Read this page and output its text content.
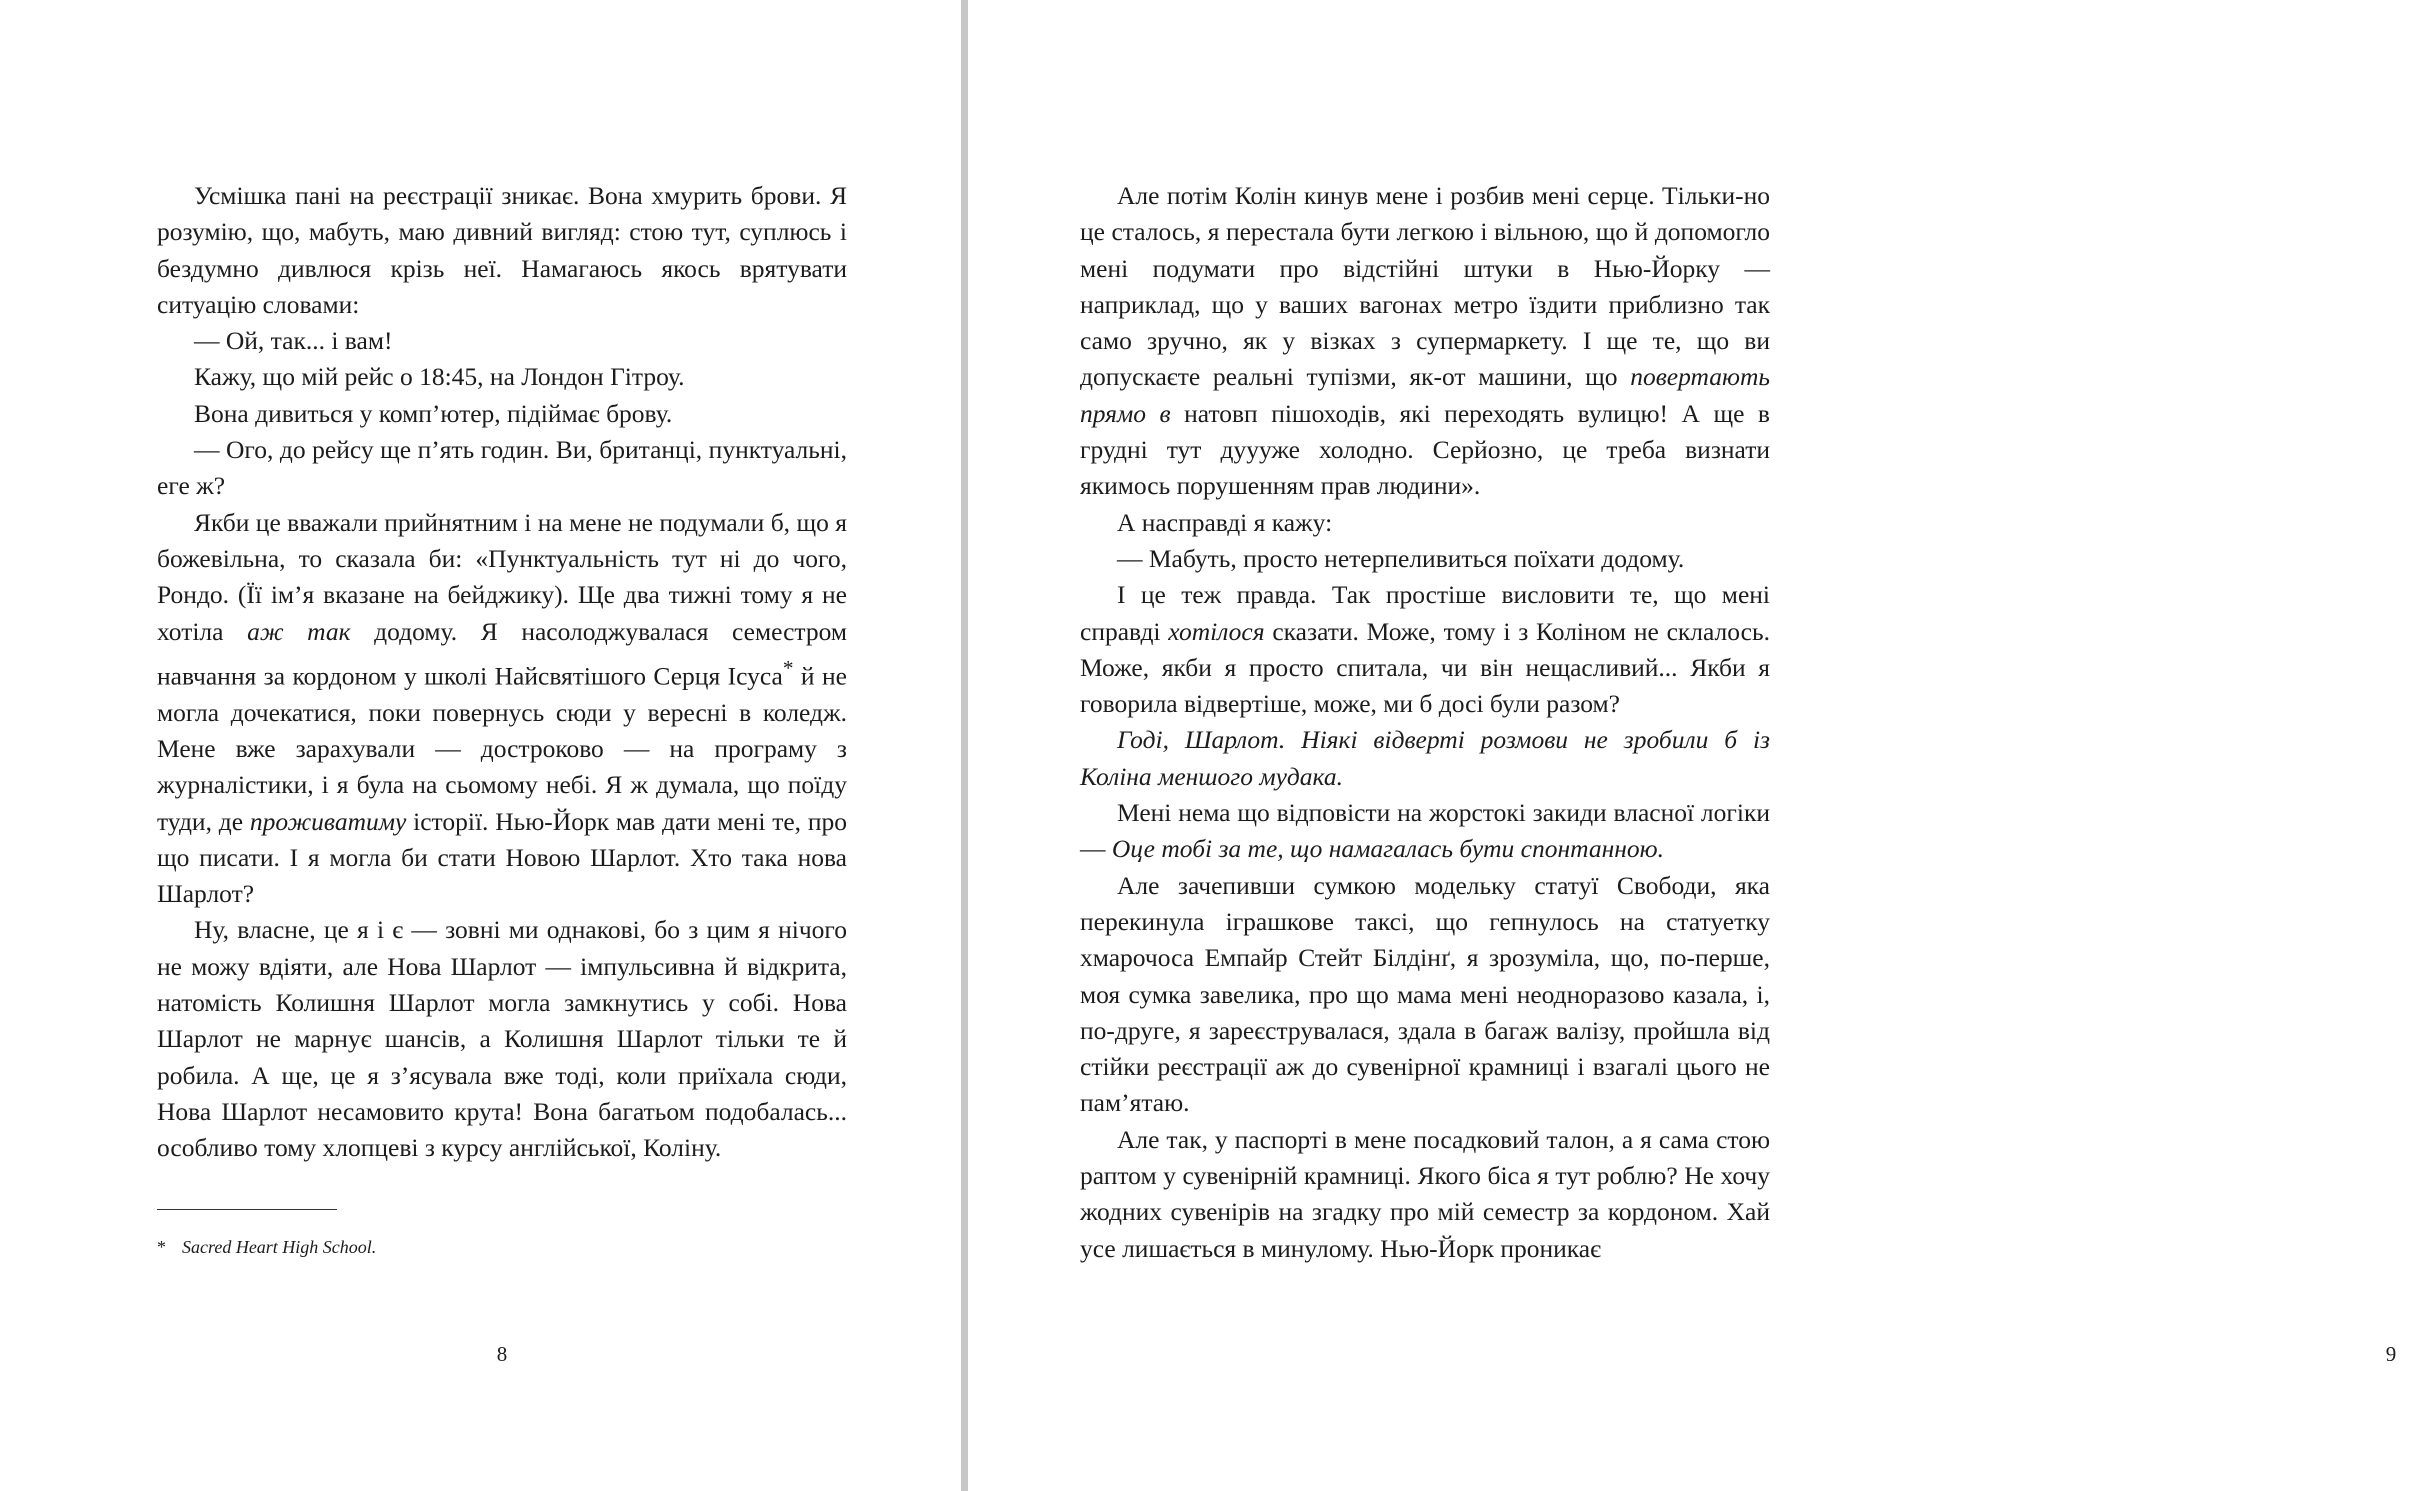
Усмішка пані на реєстрації зникає. Вона хмурить брови. Я розумію, що, мабуть, маю дивний вигляд: стою тут, суплюсь і бездумно дивлюся крізь неї. Намагаюсь якось врятувати ситуацію словами:

— Ой, так... і вам!

Кажу, що мій рейс о 18:45, на Лондон Гітроу.

Вона дивиться у комп’ютер, підіймає брову.

— Ого, до рейсу ще п’ять годин. Ви, британці, пунктуальні, еге ж?

Якби це вважали прийнятним і на мене не подумали б, що я божевільна, то сказала би: «Пунктуальність тут ні до чого, Рондо. (Її ім’я вказане на бейджику). Ще два тижні тому я не хотіла аж так додому. Я насолоджувалася семестром навчання за кордоном у школі Найсвятішого Серця Ісуса* й не могла дочекатися, поки повернусь сюди у вересні в коледж. Мене вже зарахували — достроково — на програму з журналістики, і я була на сьомому небі. Я ж думала, що поїду туди, де проживатиму історії. Нью-Йорк мав дати мені те, про що писати. І я могла би стати Новою Шарлот. Хто така нова Шарлот?

Ну, власне, це я і є — зовні ми однакові, бо з цим я нічого не можу вдіяти, але Нова Шарлот — імпульсивна й відкрита, натомість Колишня Шарлот могла замкнутись у собі. Нова Шарлот не марнує шансів, а Колишня Шарлот тільки те й робила. А ще, це я з’ясувала вже тоді, коли приїхала сюди, Нова Шарлот несамовито крута! Вона багатьом подобалась... особливо тому хлопцеві з курсу англійської, Коліну.

* Sacred Heart High School.
8	9

Але потім Колін кинув мене і розбив мені серце. Тільки-но це сталось, я перестала бути легкою і вільною, що й допомогло мені подумати про відстійні штуки в Нью-Йорку — наприклад, що у ваших вагонах метро їздити приблизно так само зручно, як у візках з супермаркету. І ще те, що ви допускаєте реальні тупізми, як-от машини, що повертають прямо в натовп пішоходів, які переходять вулицю! А ще в грудні тут дуууже холодно. Серйозно, це треба визнати якимось порушенням прав людини».

А насправді я кажу:

— Мабуть, просто нетерпеливиться поїхати додому.

І це теж правда. Так простіше висловити те, що мені справді хотілося сказати. Може, тому і з Коліном не склалось. Може, якби я просто спитала, чи він нещасливий... Якби я говорила відвертіше, може, ми б досі були разом?

Годі, Шарлот. Ніякі відверті розмови не зробили б із Коліна меншого мудака.

Мені нема що відповісти на жорстокі закиди власної логіки — Оце тобі за те, що намагалась бути спонтанною.

Але зачепивши сумкою модельку статуї Свободи, яка перекинула іграшкове таксі, що гепнулось на статуетку хмарочоса Емпайр Стейт Білдінґ, я зрозуміла, що, по-перше, моя сумка завелика, про що мама мені неодноразово казала, і, по-друге, я зареєструвалася, здала в багаж валізу, пройшла від стійки реєстрації аж до сувенірної крамниці і взагалі цього не пам’ятаю.

Але так, у паспорті в мене посадковий талон, а я сама стою раптом у сувенірній крамниці. Якого біса я тут роблю? Не хочу жодних сувенірів на згадку про мій семестр за кордоном. Хай усе лишається в минулому. Нью-Йорк проникає
